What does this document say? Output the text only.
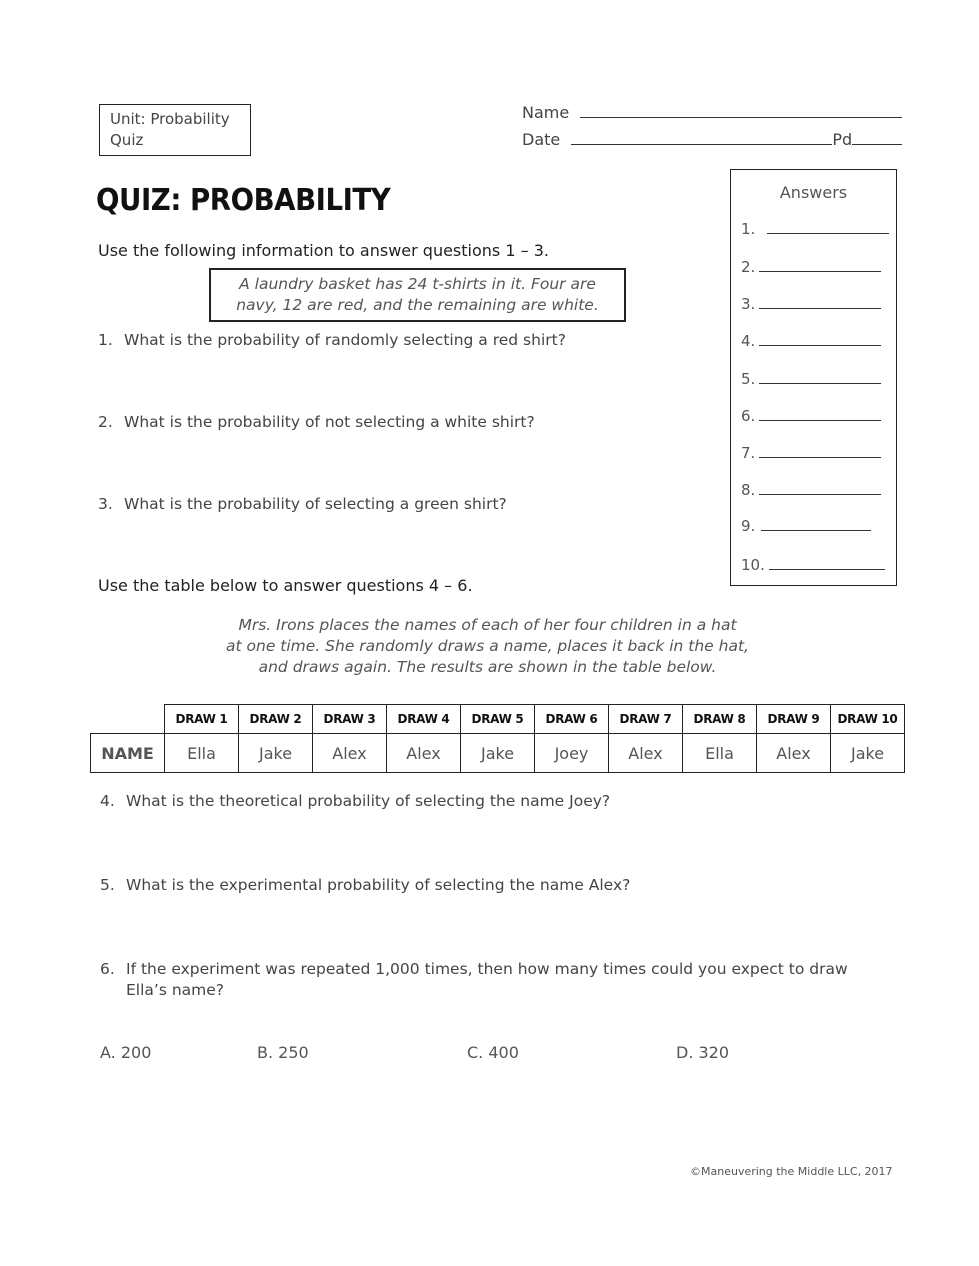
Unit: Probability
Quiz
Name
Date	Pd
QUIZ: PROBABILITY	Answers
1.
2.
3.
4.
5.
6.
7.
8.
9.
10.
Use the following information to answer questions 1 – 3.
A laundry basket has 24 t-shirts in it. Four are
navy, 12 are red, and the remaining are white.
1. What is the probability of randomly selecting a red shirt?
2. What is the probability of not selecting a white shirt?
3. What is the probability of selecting a green shirt?
Use the table below to answer questions 4 – 6.
Mrs. Irons places the names of each of her four children in a hat
at one time. She randomly draws a name, places it back in the hat,
and draws again. The results are shown in the table below.
	DRAW 1	DRAW 2	DRAW 3	DRAW 4	DRAW 5	DRAW 6	DRAW 7	DRAW 8	DRAW 9	DRAW 10
NAME	Ella	Jake	Alex	Alex	Jake	Joey	Alex	Ella	Alex	Jake
4. What is the theoretical probability of selecting the name Joey?
5. What is the experimental probability of selecting the name Alex?
6. If the experiment was repeated 1,000 times, then how many times could you expect to draw
Ella’s name?
A. 200	B. 250	C. 400	D. 320
©Maneuvering the Middle LLC, 2017
